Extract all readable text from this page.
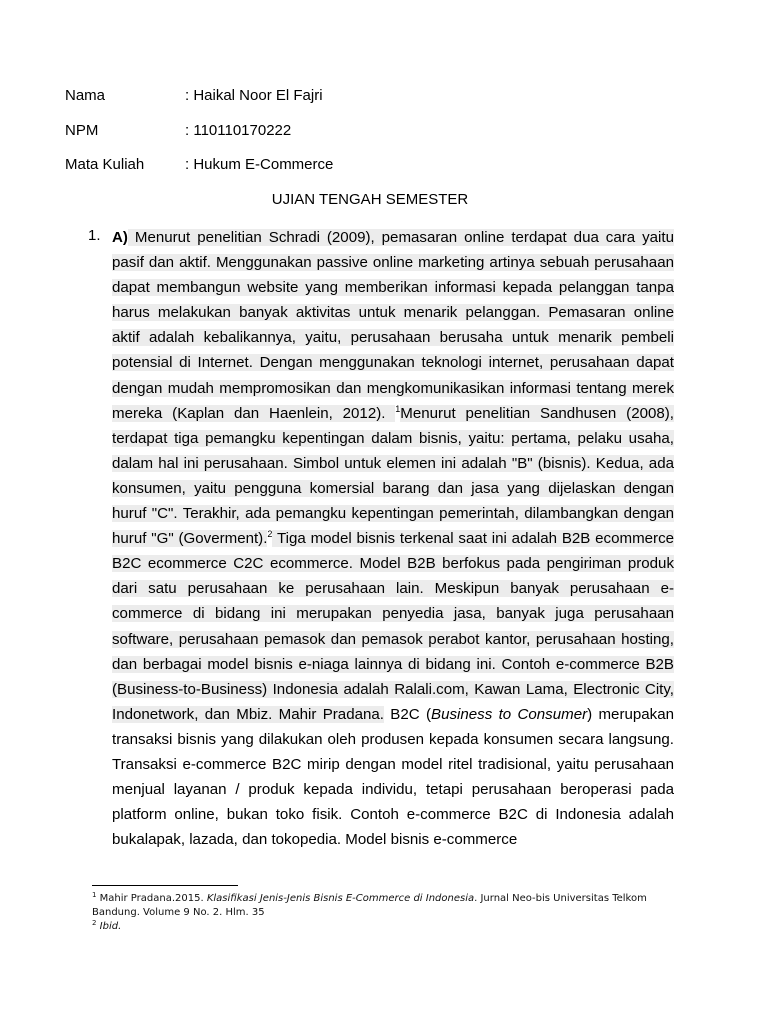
Nama	: Haikal Noor El Fajri
NPM	: 110110170222
Mata Kuliah	: Hukum E-Commerce
UJIAN TENGAH SEMESTER
1. A) Menurut penelitian Schradi (2009), pemasaran online terdapat dua cara yaitu pasif dan aktif. Menggunakan passive online marketing artinya sebuah perusahaan dapat membangun website yang memberikan informasi kepada pelanggan tanpa harus melakukan banyak aktivitas untuk menarik pelanggan. Pemasaran online aktif adalah kebalikannya, yaitu, perusahaan berusaha untuk menarik pembeli potensial di Internet. Dengan menggunakan teknologi internet, perusahaan dapat dengan mudah mempromosikan dan mengkomunikasikan informasi tentang merek mereka (Kaplan dan Haenlein, 2012). $^1$Menurut penelitian Sandhusen (2008), terdapat tiga pemangku kepentingan dalam bisnis, yaitu: pertama, pelaku usaha, dalam hal ini perusahaan. Simbol untuk elemen ini adalah "B" (bisnis). Kedua, ada konsumen, yaitu pengguna komersial barang dan jasa yang dijelaskan dengan huruf "C". Terakhir, ada pemangku kepentingan pemerintah, dilambangkan dengan huruf "G" (Goverment).$^2$ Tiga model bisnis terkenal saat ini adalah B2B ecommerce B2C ecommerce C2C ecommerce. Model B2B berfokus pada pengiriman produk dari satu perusahaan ke perusahaan lain. Meskipun banyak perusahaan e-commerce di bidang ini merupakan penyedia jasa, banyak juga perusahaan software, perusahaan pemasok dan pemasok perabot kantor, perusahaan hosting, dan berbagai model bisnis e-niaga lainnya di bidang ini. Contoh e-commerce B2B (Business-to-Business) Indonesia adalah Ralali.com, Kawan Lama, Electronic City, Indonetwork, dan Mbiz. Mahir Pradana. B2C (Business to Consumer) merupakan transaksi bisnis yang dilakukan oleh produsen kepada konsumen secara langsung. Transaksi e-commerce B2C mirip dengan model ritel tradisional, yaitu perusahaan menjual layanan / produk kepada individu, tetapi perusahaan beroperasi pada platform online, bukan toko fisik. Contoh e-commerce B2C di Indonesia adalah bukalapak, lazada, dan tokopedia. Model bisnis e-commerce
$^1$ Mahir Pradana.2015. Klasifikasi Jenis-Jenis Bisnis E-Commerce di Indonesia. Jurnal Neo-bis Universitas Telkom Bandung. Volume 9 No. 2. Hlm. 35
$^2$ Ibid.
